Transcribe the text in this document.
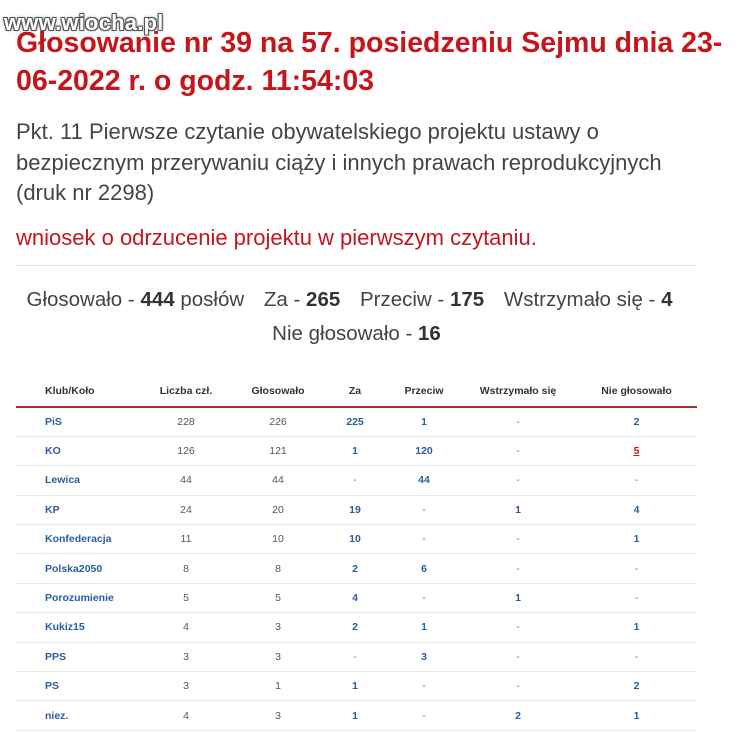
www.wiocha.pl
Głosowanie nr 39 na 57. posiedzeniu Sejmu dnia 23-06-2022 r. o godz. 11:54:03

Pkt. 11 Pierwsze czytanie obywatelskiego projektu ustawy o bezpiecznym przerywaniu ciąży i innych prawach reprodukcyjnych (druk nr 2298)

wniosek o odrzucenie projektu w pierwszym czytaniu.

Głosowało - 444 posłów Za - 265 Przeciw - 175 Wstrzymało się - 4 Nie głosowało - 16
Klub/Koło	Liczba czł.	Głosowało	Za	Przeciw	Wstrzymało się	Nie głosowało
PiS	228	226	225	1	-	2
KO	126	121	1	120	-	5
Lewica	44	44	-	44	-	-
KP	24	20	19	-	1	4
Konfederacja	11	10	10	-	-	1
Polska2050	8	8	2	6	-	-
Porozumienie	5	5	4	-	1	-
Kukiz15	4	3	2	1	-	1
PPS	3	3	-	3	-	-
PS	3	1	1	-	-	2
niez.	4	3	1	-	2	1
